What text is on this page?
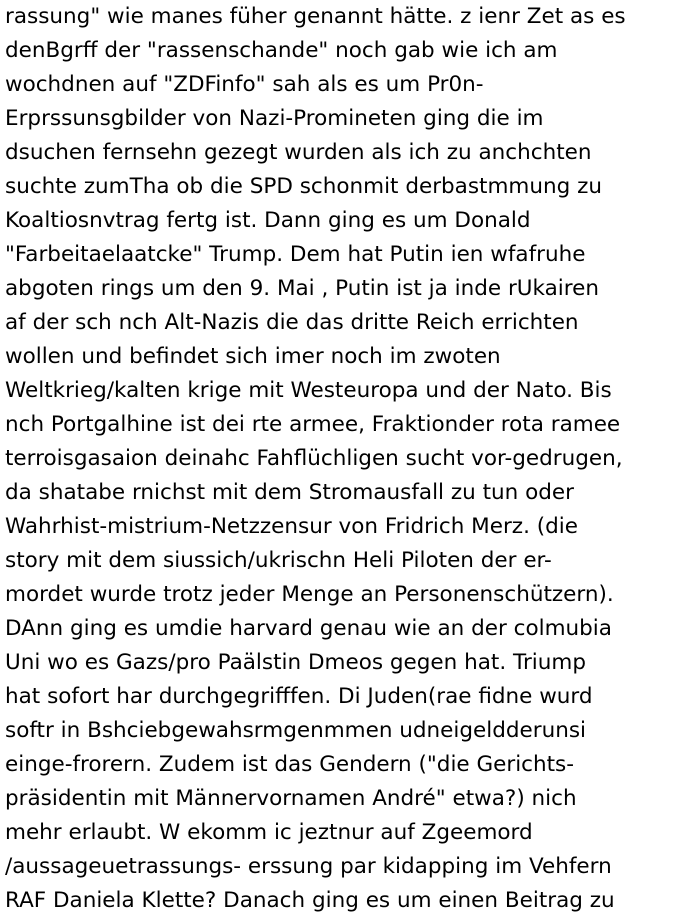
rassung" wie manes füher genannt hätte. z ienr Zet as es
denBgrff der "rassenschande" noch gab wie ich am
wochdnen auf "ZDFinfo" sah als es um Pr0n-
Erprssunsgbilder von Nazi-Promineten ging die im
dsuchen fernsehn gezegt wurden als ich zu anchchten
suchte zumTha ob die SPD schonmit derbastmmung zu
Koaltiosnvtrag fertg ist. Dann ging es um Donald
"Farbeitaelaatcke" Trump. Dem hat Putin ien wfafruhe
abgoten rings um den 9. Mai , Putin ist ja inde rUkairen
af der sch nch Alt-Nazis die das dritte Reich errichten
wollen und befindet sich imer noch im zwoten
Weltkrieg/kalten krige mit Westeuropa und der Nato. Bis
nch Portgalhine ist dei rte armee, Fraktionder rota ramee
terroisgasaion deinahc Fahflüchligen sucht vor-gedrugen,
da shatabe rnichst mit dem Stromausfall zu tun oder
Wahrhist-mistrium-Netzzensur von Fridrich Merz. (die
story mit dem siussich/ukrischn Heli Piloten der er-
mordet wurde trotz jeder Menge an Personenschützern).
DAnn ging es umdie harvard genau wie an der colmubia
Uni wo es Gazs/pro Paälstin Dmeos gegen hat. Triump
hat sofort har durchgegrifffen. Di Juden(rae fidne wurd
softr in Bshciebgewahsrmgenmmen udneigeldderunsi
einge-frorern. Zudem ist das Gendern ("die Gerichts-
präsidentin mit Männervornamen André" etwa?) nich
mehr erlaubt. W ekomm ic jeztnur auf Zgeemord
/aussageuetrassungs- erssung par kidapping im Vehfern
RAF Daniela Klette? Danach ging es um einen Beitrag zu
